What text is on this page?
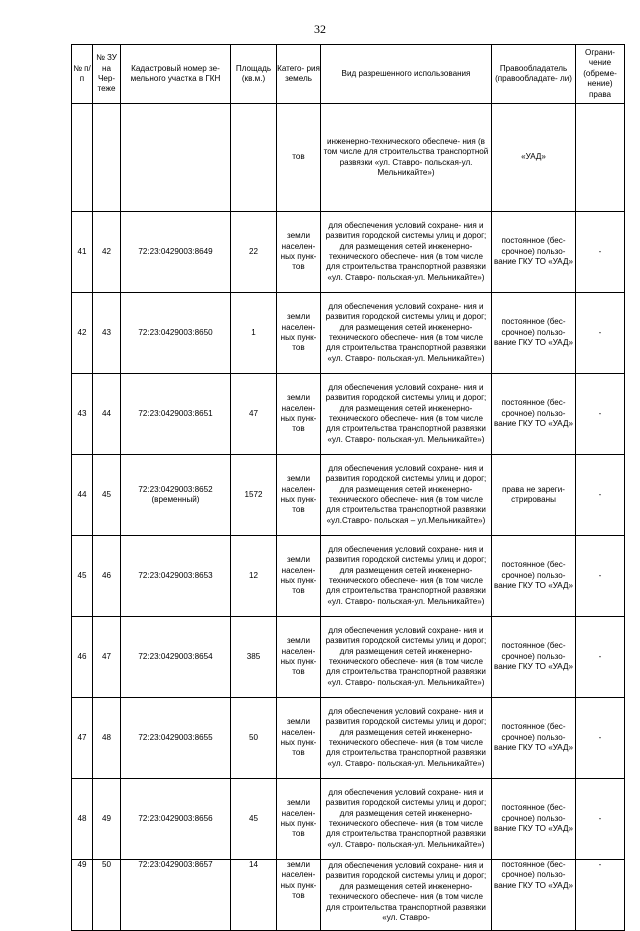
32
№ п/п	№ ЗУ на Чер- теже	Кадастровый номер зе- мельного участка в ГКН	Площадь (кв.м.)	Катего- рия земель	Вид разрешенного использования	Правообладатель (правообладате- ли)	Ограни- чение (обреме- нение) права
				тов	инженерно-технического обеспече- ния (в том числе для строительства транспортной развязки «ул. Ставро- польская-ул. Мельникайте»)	«УАД»	
41	42	72:23:0429003:8649	22	земли населен- ных пунк- тов	для обеспечения условий сохране- ния и развития городской системы улиц и дорог; для размещения сетей инженерно-технического обеспече- ния (в том числе для строительства транспортной развязки «ул. Ставро- польская-ул. Мельникайте»)	постоянное (бес- срочное) пользо- вание ГКУ ТО «УАД»	-
42	43	72:23:0429003:8650	1	земли населен- ных пунк- тов	для обеспечения условий сохране- ния и развития городской системы улиц и дорог; для размещения сетей инженерно-технического обеспече- ния (в том числе для строительства транспортной развязки «ул. Ставро- польская-ул. Мельникайте»)	постоянное (бес- срочное) пользо- вание ГКУ ТО «УАД»	-
43	44	72:23:0429003:8651	47	земли населен- ных пунк- тов	для обеспечения условий сохране- ния и развития городской системы улиц и дорог; для размещения сетей инженерно-технического обеспече- ния (в том числе для строительства транспортной развязки «ул. Ставро- польская-ул. Мельникайте»)	постоянное (бес- срочное) пользо- вание ГКУ ТО «УАД»	-
44	45	72:23:0429003:8652 (временный)	1572	земли населен- ных пунк- тов	для обеспечения условий сохране- ния и развития городской системы улиц и дорог; для размещения сетей инженерно-технического обеспече- ния (в том числе для строительства транспортной развязки «ул.Ставро- польская – ул.Мельникайте»)	права не зареги- стрированы	-
45	46	72:23:0429003:8653	12	земли населен- ных пунк- тов	для обеспечения условий сохране- ния и развития городской системы улиц и дорог; для размещения сетей инженерно-технического обеспече- ния (в том числе для строительства транспортной развязки «ул. Ставро- польская-ул. Мельникайте»)	постоянное (бес- срочное) пользо- вание ГКУ ТО «УАД»	-
46	47	72:23:0429003:8654	385	земли населен- ных пунк- тов	для обеспечения условий сохране- ния и развития городской системы улиц и дорог; для размещения сетей инженерно-технического обеспече- ния (в том числе для строительства транспортной развязки «ул. Ставро- польская-ул. Мельникайте»)	постоянное (бес- срочное) пользо- вание ГКУ ТО «УАД»	-
47	48	72:23:0429003:8655	50	земли населен- ных пунк- тов	для обеспечения условий сохране- ния и развития городской системы улиц и дорог; для размещения сетей инженерно-технического обеспече- ния (в том числе для строительства транспортной развязки «ул. Ставро- польская-ул. Мельникайте»)	постоянное (бес- срочное) пользо- вание ГКУ ТО «УАД»	-
48	49	72:23:0429003:8656	45	земли населен- ных пунк- тов	для обеспечения условий сохране- ния и развития городской системы улиц и дорог; для размещения сетей инженерно-технического обеспече- ния (в том числе для строительства транспортной развязки «ул. Ставро- польская-ул. Мельникайте»)	постоянное (бес- срочное) пользо- вание ГКУ ТО «УАД»	-
49	50	72:23:0429003:8657	14	земли населен- ных пунк- тов	для обеспечения условий сохране- ния и развития городской системы улиц и дорог; для размещения сетей инженерно-технического обеспече- ния (в том числе для строительства транспортной развязки «ул. Ставро-	постоянное (бес- срочное) пользо- вание ГКУ ТО «УАД»	-
